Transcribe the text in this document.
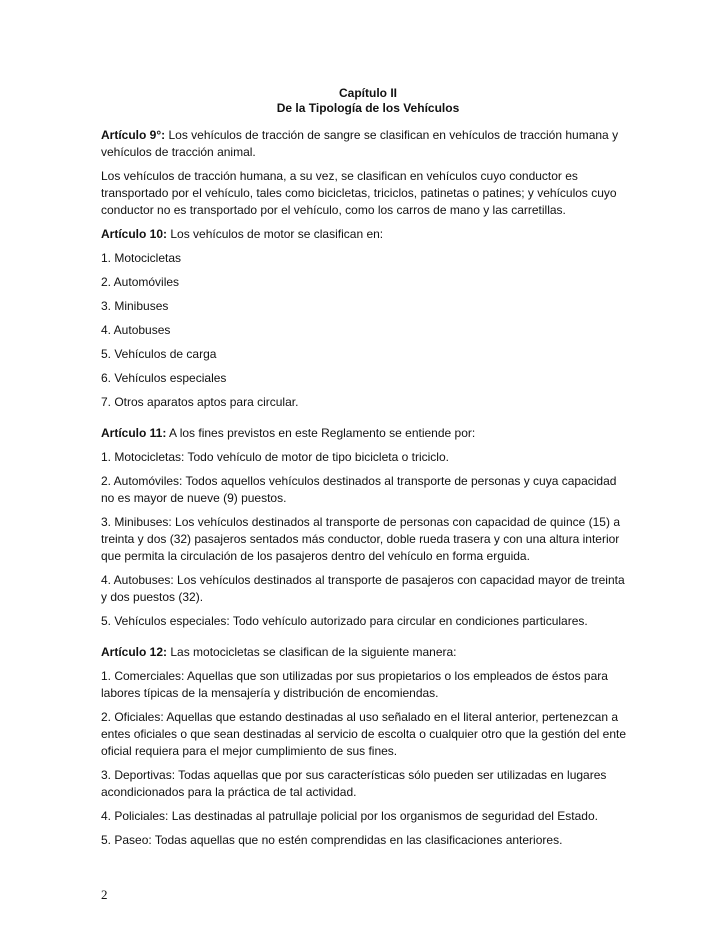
Capítulo II
De la Tipología de los Vehículos

Artículo 9°: Los vehículos de tracción de sangre se clasifican en vehículos de tracción humana y vehículos de tracción animal.

Los vehículos de tracción humana, a su vez, se clasifican en vehículos cuyo conductor es transportado por el vehículo, tales como bicicletas, triciclos, patinetas o patines; y vehículos cuyo conductor no es transportado por el vehículo, como los carros de mano y las carretillas.

Artículo 10: Los vehículos de motor se clasifican en:

1. Motocicletas

2. Automóviles

3. Minibuses

4. Autobuses

5. Vehículos de carga

6. Vehículos especiales

7. Otros aparatos aptos para circular.

Artículo 11: A los fines previstos en este Reglamento se entiende por:

1. Motocicletas: Todo vehículo de motor de tipo bicicleta o triciclo.

2. Automóviles: Todos aquellos vehículos destinados al transporte de personas y cuya capacidad no es mayor de nueve (9) puestos.

3. Minibuses: Los vehículos destinados al transporte de personas con capacidad de quince (15) a treinta y dos (32) pasajeros sentados más conductor, doble rueda trasera y con una altura interior que permita la circulación de los pasajeros dentro del vehículo en forma erguida.

4. Autobuses: Los vehículos destinados al transporte de pasajeros con capacidad mayor de treinta y dos puestos (32).

5. Vehículos especiales: Todo vehículo autorizado para circular en condiciones particulares.

Artículo 12: Las motocicletas se clasifican de la siguiente manera:

1. Comerciales: Aquellas que son utilizadas por sus propietarios o los empleados de éstos para labores típicas de la mensajería y distribución de encomiendas.

2. Oficiales: Aquellas que estando destinadas al uso señalado en el literal anterior, pertenezcan a entes oficiales o que sean destinadas al servicio de escolta o cualquier otro que la gestión del ente oficial requiera para el mejor cumplimiento de sus fines.

3. Deportivas: Todas aquellas que por sus características sólo pueden ser utilizadas en lugares acondicionados para la práctica de tal actividad.

4. Policiales: Las destinadas al patrullaje policial por los organismos de seguridad del Estado.

5. Paseo: Todas aquellas que no estén comprendidas en las clasificaciones anteriores.

2
